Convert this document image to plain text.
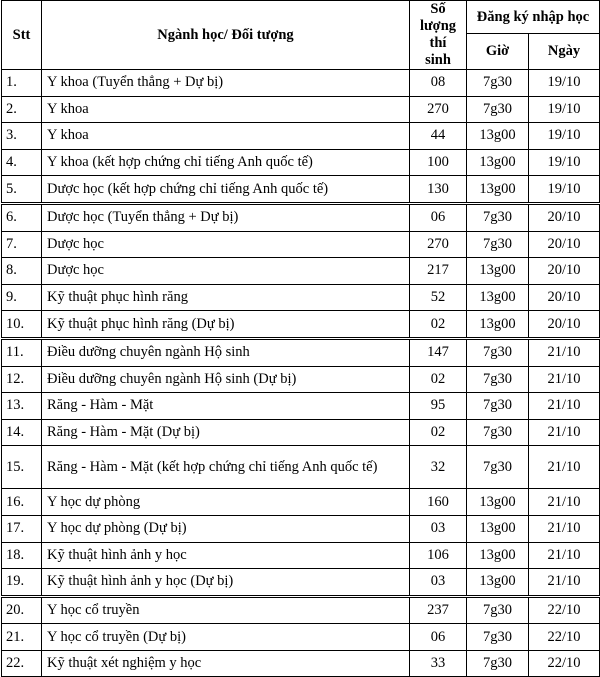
Stt	Ngành học/ Đối tượng	Số
lượng
thí sinh	Đăng ký nhập học	
			Giờ	Ngày
1.	Y khoa (Tuyển thẳng + Dự bị)	08	7g30	19/10
2.	Y khoa	270	7g30	19/10
3.	Y khoa	44	13g00	19/10
4.	Y khoa (kết hợp chứng chỉ tiếng Anh quốc tế)	100	13g00	19/10
5.	Dược học (kết hợp chứng chỉ tiếng Anh quốc tế)	130	13g00	19/10
6.	Dược học (Tuyển thẳng + Dự bị)	06	7g30	20/10
7.	Dược học	270	7g30	20/10
8.	Dược học	217	13g00	20/10
9.	Kỹ thuật phục hình răng	52	13g00	20/10
10.	Kỹ thuật phục hình răng (Dự bị)	02	13g00	20/10
11.	Điều dưỡng chuyên ngành Hộ sinh	147	7g30	21/10
12.	Điều dưỡng chuyên ngành Hộ sinh (Dự bị)	02	7g30	21/10
13.	Răng - Hàm - Mặt	95	7g30	21/10
14.	Răng - Hàm - Mặt (Dự bị)	02	7g30	21/10
15.	Răng - Hàm - Mặt (kết hợp chứng chỉ tiếng Anh quốc tế)	32	7g30	21/10
16.	Y học dự phòng	160	13g00	21/10
17.	Y học dự phòng (Dự bị)	03	13g00	21/10
18.	Kỹ thuật hình ảnh y học	106	13g00	21/10
19.	Kỹ thuật hình ảnh y học (Dự bị)	03	13g00	21/10
20.	Y học cổ truyền	237	7g30	22/10
21.	Y học cổ truyền (Dự bị)	06	7g30	22/10
22.	Kỹ thuật xét nghiệm y học	33	7g30	22/10
